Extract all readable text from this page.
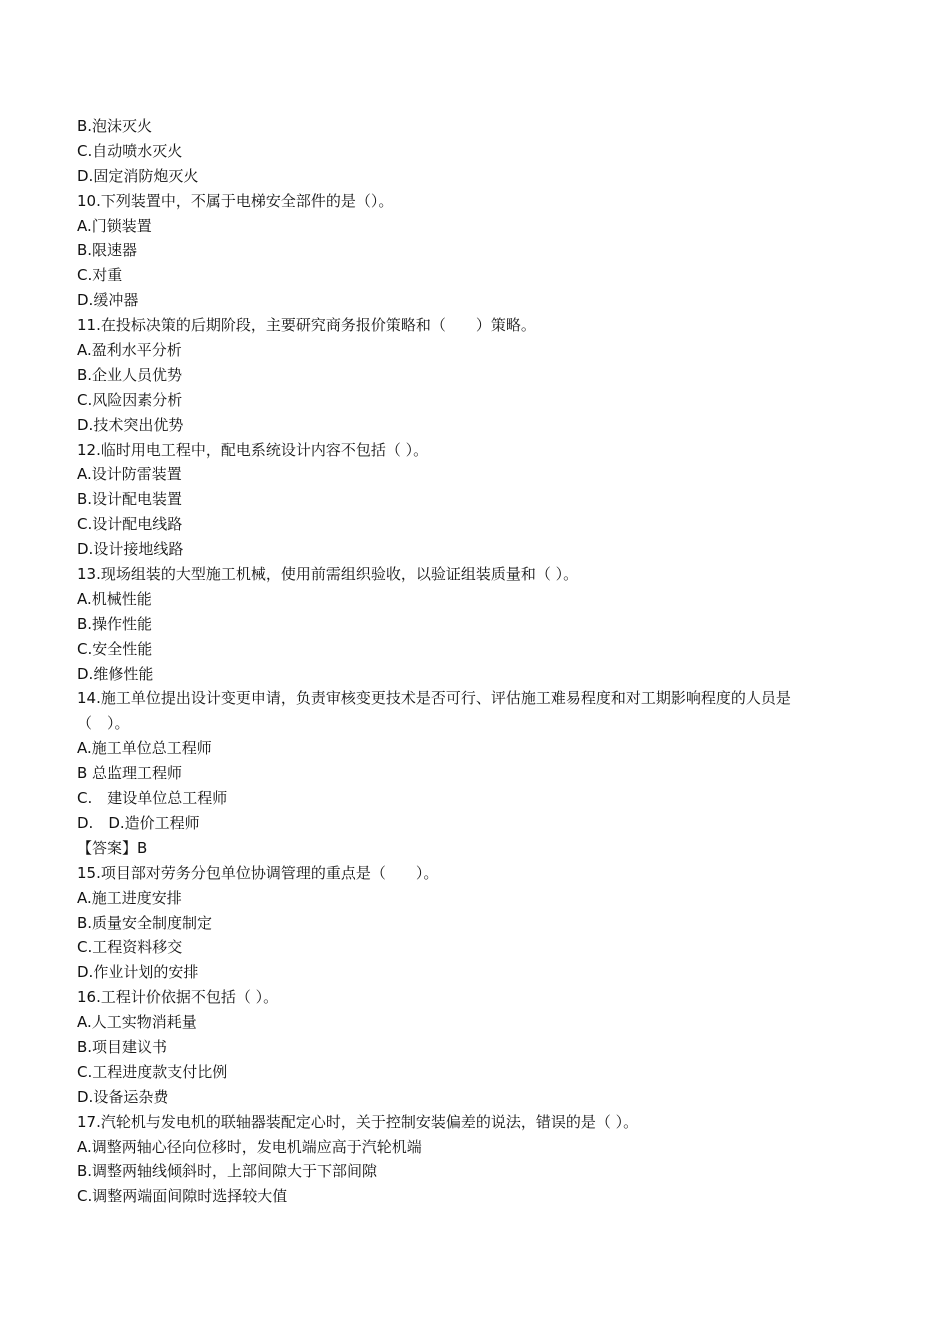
B.泡沫灭火
C.自动喷水灭火
D.固定消防炮灭火
10.下列装置中，不属于电梯安全部件的是（）。
A.门锁装置
B.限速器
C.对重
D.缓冲器
11.在投标决策的后期阶段，主要研究商务报价策略和（　　）策略。
A.盈利水平分析
B.企业人员优势
C.风险因素分析
D.技术突出优势
12.临时用电工程中，配电系统设计内容不包括（ ）。
A.设计防雷装置
B.设计配电装置
C.设计配电线路
D.设计接地线路
13.现场组装的大型施工机械，使用前需组织验收，以验证组装质量和（ ）。
A.机械性能
B.操作性能
C.安全性能
D.维修性能
14.施工单位提出设计变更申请，负责审核变更技术是否可行、评估施工难易程度和对工期影响程度的人员是
（　）。
A.施工单位总工程师
B 总监理工程师
C.　建设单位总工程师
D.　D.造价工程师
【答案】B
15.项目部对劳务分包单位协调管理的重点是（　　）。
A.施工进度安排
B.质量安全制度制定
C.工程资料移交
D.作业计划的安排
16.工程计价依据不包括（ ）。
A.人工实物消耗量
B.项目建议书
C.工程进度款支付比例
D.设备运杂费
17.汽轮机与发电机的联轴器装配定心时，关于控制安装偏差的说法，错误的是（ ）。
A.调整两轴心径向位移时，发电机端应高于汽轮机端
B.调整两轴线倾斜时，上部间隙大于下部间隙
C.调整两端面间隙时选择较大值
